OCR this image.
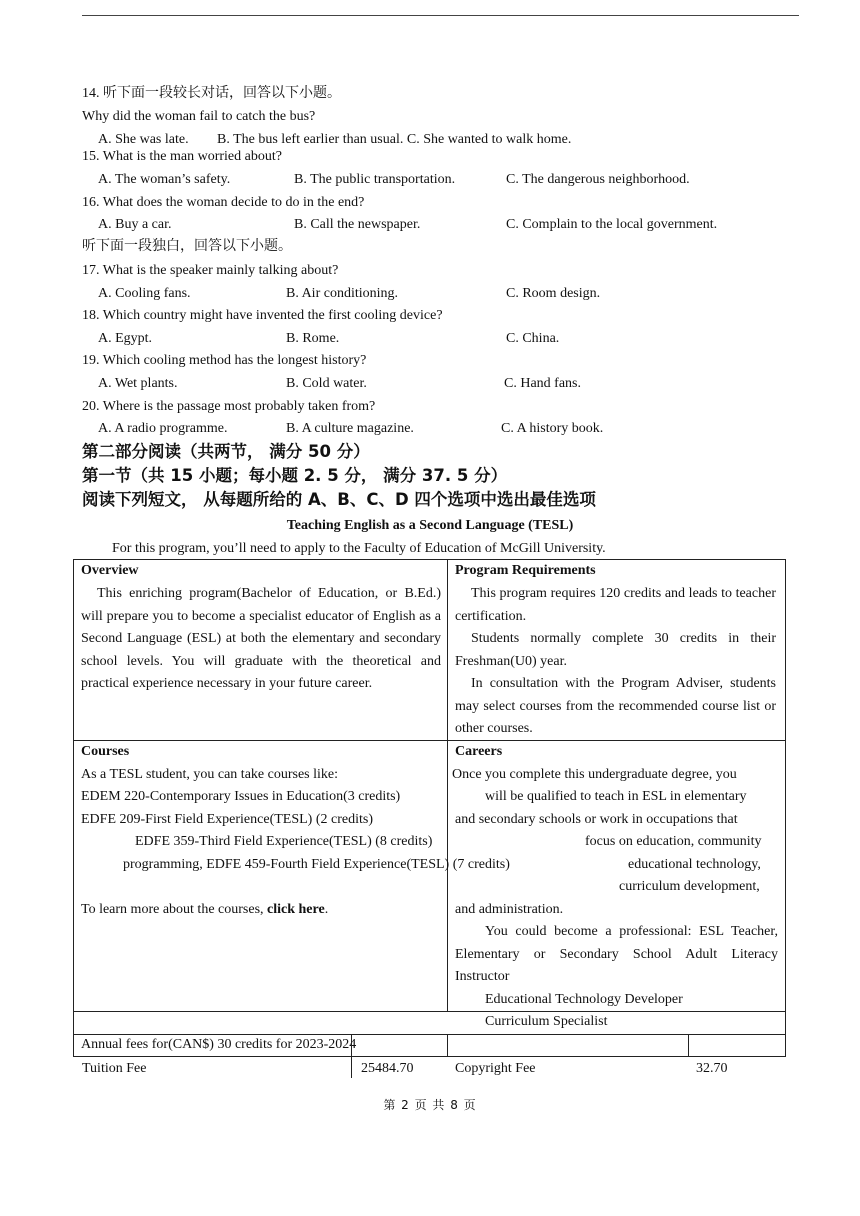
14. 听下面一段较长对话，回答以下小题。
Why did the woman fail to catch the bus?
A. She was late. B. The bus left earlier than usual. C. She wanted to walk home.
15. What is the man worried about?
A. The woman’s safety.	B. The public transportation.	C. The dangerous neighborhood.
16. What does the woman decide to do in the end?
A. Buy a car.	B. Call the newspaper.	C. Complain to the local government.
听下面一段独白，回答以下小题。
17. What is the speaker mainly talking about?
A. Cooling fans.	B. Air conditioning.	C. Room design.
18. Which country might have invented the first cooling device?
A. Egypt.	B. Rome.	C. China.
19. Which cooling method has the longest history?
A. Wet plants.	B. Cold water.	C. Hand fans.
20. Where is the passage most probably taken from?
A. A radio programme.	B. A culture magazine.	C. A history book.
第二部分阅读（共两节， 满分 50 分）
第一节（共 15 小题；每小题 2. 5 分， 满分 37. 5 分）
阅读下列短文， 从每题所给的 A、B、C、D 四个选项中选出最佳选项
Teaching English as a Second Language (TESL)
For this program, you’ll need to apply to the Faculty of Education of McGill University.
Overview
This enriching program(Bachelor of Education, or B.Ed.) will prepare you to become a specialist educator of English as a Second Language (ESL) at both the elementary and secondary school levels. You will graduate with the theoretical and practical experience necessary in your future career.
Program Requirements
This program requires 120 credits and leads to teacher certification.
Students normally complete 30 credits in their Freshman(U0) year.
In consultation with the Program Adviser, students may select courses from the recommended course list or other courses.
Courses
As a TESL student, you can take courses like:
EDEM 220-Contemporary Issues in Education(3 credits)
EDFE 209-First Field Experience(TESL) (2 credits)
EDFE 359-Third Field Experience(TESL) (8 credits)
programming, EDFE 459-Fourth Field Experience(TESL) (7 credits)
To learn more about the courses, click here.
Careers
Once you complete this undergraduate degree, you
will be qualified to teach in ESL in elementary
and secondary schools or work in occupations that
focus on education, community
educational technology,
curriculum development,
and administration.
You could become a professional: ESL Teacher, Elementary or Secondary School Adult Literacy Instructor
Educational Technology Developer
Curriculum Specialist
Annual fees for(CAN$) 30 credits for 2023-2024
Tuition Fee	25484.70	Copyright Fee	32.70
第 2 页 共 8 页
